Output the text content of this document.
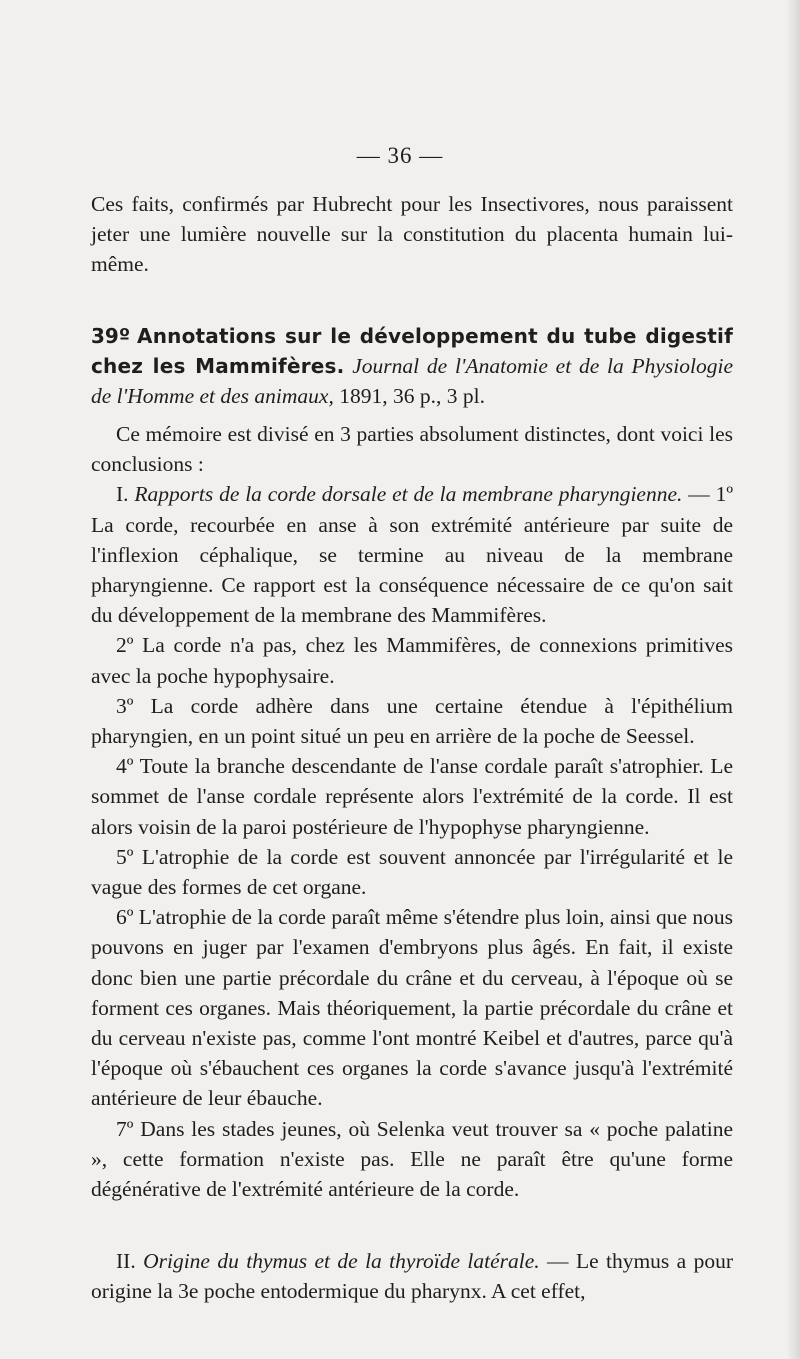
— 36 —

Ces faits, confirmés par Hubrecht pour les Insectivores, nous paraissent jeter une lumière nouvelle sur la constitution du placenta humain lui-même.

39º Annotations sur le développement du tube digestif chez les Mammifères. Journal de l'Anatomie et de la Physiologie de l'Homme et des animaux, 1891, 36 p., 3 pl.

Ce mémoire est divisé en 3 parties absolument distinctes, dont voici les conclusions :

I. Rapports de la corde dorsale et de la membrane pharyngienne. — 1º La corde, recourbée en anse à son extrémité antérieure par suite de l'inflexion céphalique, se termine au niveau de la membrane pharyngienne. Ce rapport est la conséquence nécessaire de ce qu'on sait du développement de la membrane des Mammifères.

2º La corde n'a pas, chez les Mammifères, de connexions primitives avec la poche hypophysaire.

3º La corde adhère dans une certaine étendue à l'épithélium pharyngien, en un point situé un peu en arrière de la poche de Seessel.

4º Toute la branche descendante de l'anse cordale paraît s'atrophier. Le sommet de l'anse cordale représente alors l'extrémité de la corde. Il est alors voisin de la paroi postérieure de l'hypophyse pharyngienne.

5º L'atrophie de la corde est souvent annoncée par l'irrégularité et le vague des formes de cet organe.

6º L'atrophie de la corde paraît même s'étendre plus loin, ainsi que nous pouvons en juger par l'examen d'embryons plus âgés. En fait, il existe donc bien une partie précordale du crâne et du cerveau, à l'époque où se forment ces organes. Mais théoriquement, la partie précordale du crâne et du cerveau n'existe pas, comme l'ont montré Keibel et d'autres, parce qu'à l'époque où s'ébauchent ces organes la corde s'avance jusqu'à l'extrémité antérieure de leur ébauche.

7º Dans les stades jeunes, où Selenka veut trouver sa « poche palatine », cette formation n'existe pas. Elle ne paraît être qu'une forme dégénérative de l'extrémité antérieure de la corde.

II. Origine du thymus et de la thyroïde latérale. — Le thymus a pour origine la 3e poche entodermique du pharynx. A cet effet,
